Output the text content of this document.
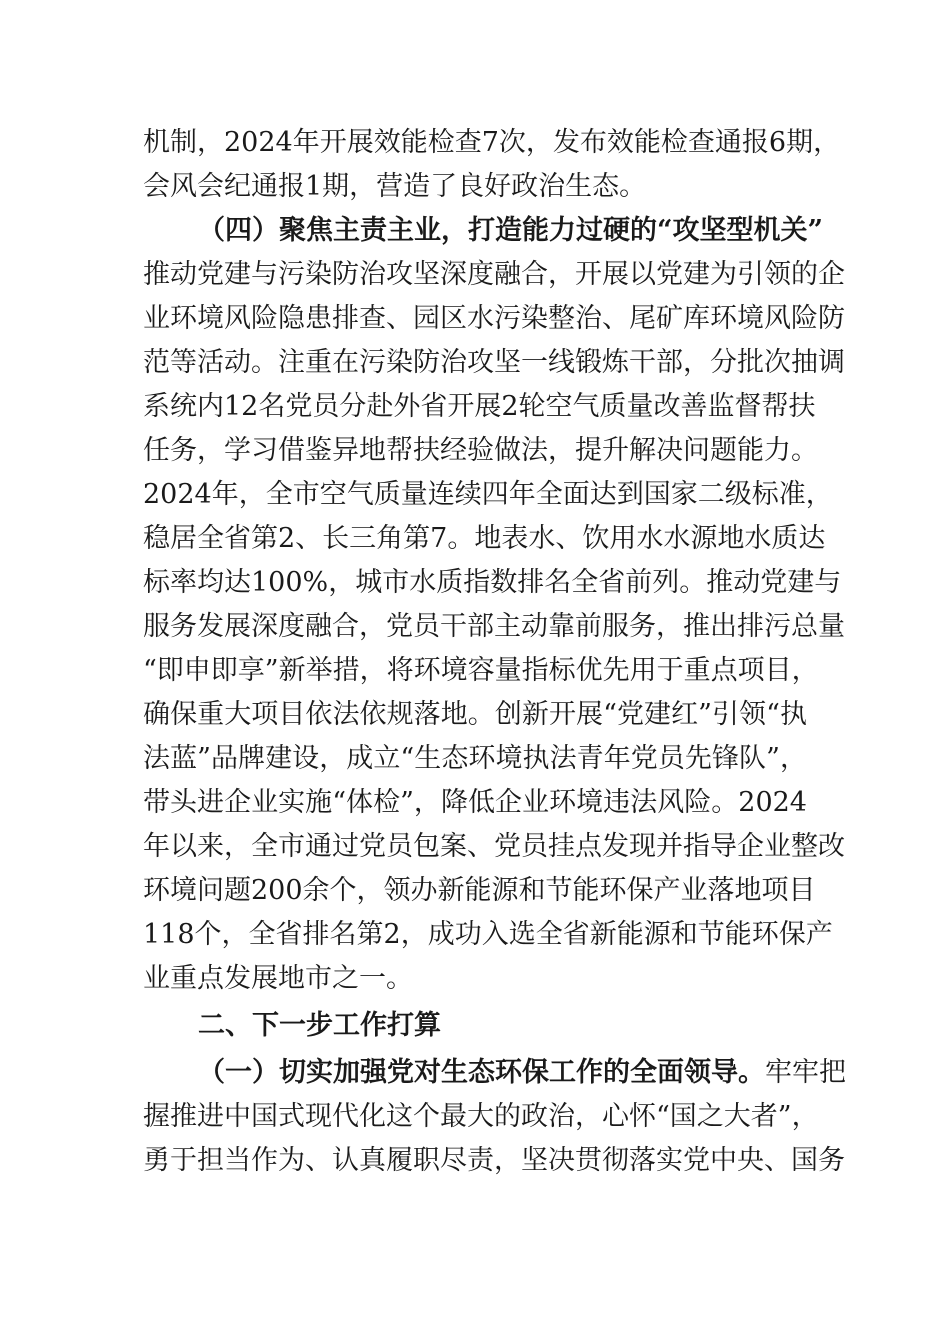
机制，2024年开展效能检查7次，发布效能检查通报6期，
会风会纪通报1期，营造了良好政治生态。
（四）聚焦主责主业，打造能力过硬的“攻坚型机关”
推动党建与污染防治攻坚深度融合，开展以党建为引领的企
业环境风险隐患排查、园区水污染整治、尾矿库环境风险防
范等活动。注重在污染防治攻坚一线锻炼干部，分批次抽调
系统内12名党员分赴外省开展2轮空气质量改善监督帮扶
任务，学习借鉴异地帮扶经验做法，提升解决问题能力。
2024年，全市空气质量连续四年全面达到国家二级标准，
稳居全省第2、长三角第7。地表水、饮用水水源地水质达
标率均达100%，城市水质指数排名全省前列。推动党建与
服务发展深度融合，党员干部主动靠前服务，推出排污总量
“即申即享”新举措，将环境容量指标优先用于重点项目，
确保重大项目依法依规落地。创新开展“党建红”引领“执
法蓝”品牌建设，成立“生态环境执法青年党员先锋队”，
带头进企业实施“体检”，降低企业环境违法风险。2024
年以来，全市通过党员包案、党员挂点发现并指导企业整改
环境问题200余个，领办新能源和节能环保产业落地项目
118个，全省排名第2，成功入选全省新能源和节能环保产
业重点发展地市之一。
二、下一步工作打算
（一）切实加强党对生态环保工作的全面领导。牢牢把
握推进中国式现代化这个最大的政治，心怀“国之大者”，
勇于担当作为、认真履职尽责，坚决贯彻落实党中央、国务
